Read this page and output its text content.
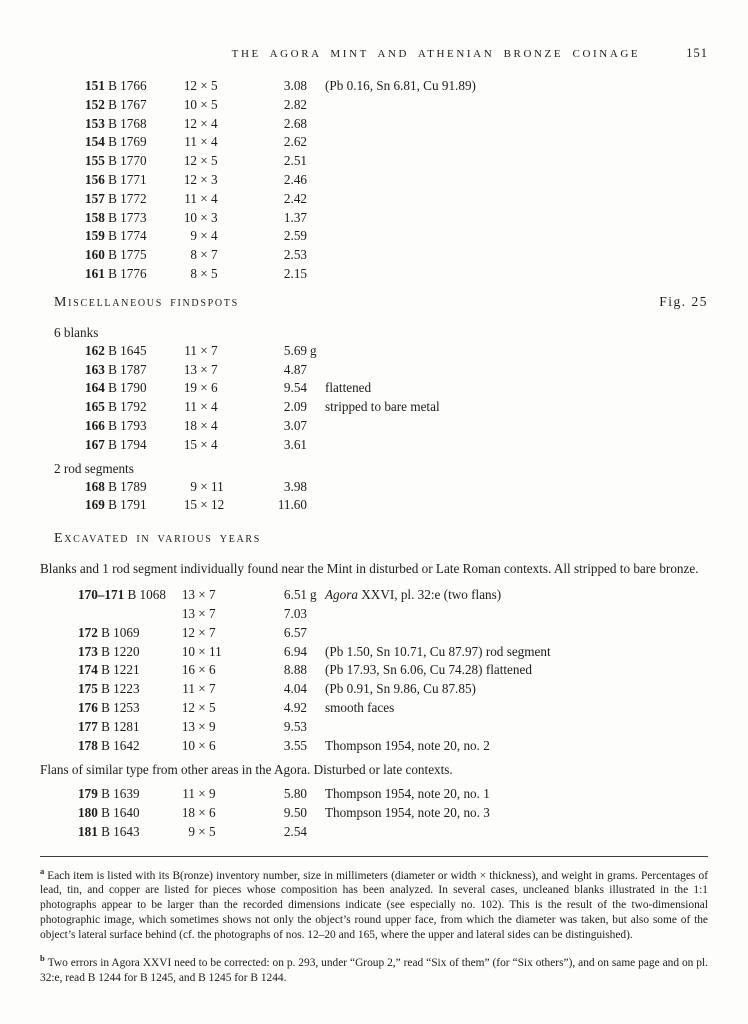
THE AGORA MINT AND ATHENIAN BRONZE COINAGE	151
151 B 1766	12 × 5	3.08 (Pb 0.16, Sn 6.81, Cu 91.89)
152 B 1767	10 × 5	2.82
153 B 1768	12 × 4	2.68
154 B 1769	11 × 4	2.62
155 B 1770	12 × 5	2.51
156 B 1771	12 × 3	2.46
157 B 1772	11 × 4	2.42
158 B 1773	10 × 3	1.37
159 B 1774	9 × 4	2.59
160 B 1775	8 × 7	2.53
161 B 1776	8 × 5	2.15
Miscellaneous findspots	Fig. 25
6 blanks
162 B 1645	11 × 7	5.69 g
163 B 1787	13 × 7	4.87
164 B 1790	19 × 6	9.54 flattened
165 B 1792	11 × 4	2.09 stripped to bare metal
166 B 1793	18 × 4	3.07
167 B 1794	15 × 4	3.61
2 rod segments
168 B 1789	9 × 11	3.98
169 B 1791	15 × 12	11.60
Excavated in various years

Blanks and 1 rod segment individually found near the Mint in disturbed or Late Roman contexts. All stripped to bare bronze.

170–171 B 1068	13 × 7	6.51 g Agora XXVI, pl. 32:e (two flans)
13 × 7	7.03
172 B 1069	12 × 7	6.57
173 B 1220	10 × 11	6.94 (Pb 1.50, Sn 10.71, Cu 87.97) rod segment
174 B 1221	16 × 6	8.88 (Pb 17.93, Sn 6.06, Cu 74.28) flattened
175 B 1223	11 × 7	4.04 (Pb 0.91, Sn 9.86, Cu 87.85)
176 B 1253	12 × 5	4.92 smooth faces
177 B 1281	13 × 9	9.53
178 B 1642	10 × 6	3.55 Thompson 1954, note 20, no. 2

Flans of similar type from other areas in the Agora. Disturbed or late contexts.

179 B 1639	11 × 9	5.80 Thompson 1954, note 20, no. 1
180 B 1640	18 × 6	9.50 Thompson 1954, note 20, no. 3
181 B 1643	9 × 5	2.54

$^a$ Each item is listed with its B(ronze) inventory number, size in millimeters (diameter or width × thickness), and weight in grams. Percentages of lead, tin, and copper are listed for pieces whose composition has been analyzed. In several cases, uncleaned blanks illustrated in the 1:1 photographs appear to be larger than the recorded dimensions indicate (see especially no. 102). This is the result of the two-dimensional photographic image, which sometimes shows not only the object’s round upper face, from which the diameter was taken, but also some of the object’s lateral surface behind (cf. the photographs of nos. 12–20 and 165, where the upper and lateral sides can be distinguished).

$^b$ Two errors in Agora XXVI need to be corrected: on p. 293, under “Group 2,” read “Six of them” (for “Six others”), and on same page and on pl. 32:e, read B 1244 for B 1245, and B 1245 for B 1244.
